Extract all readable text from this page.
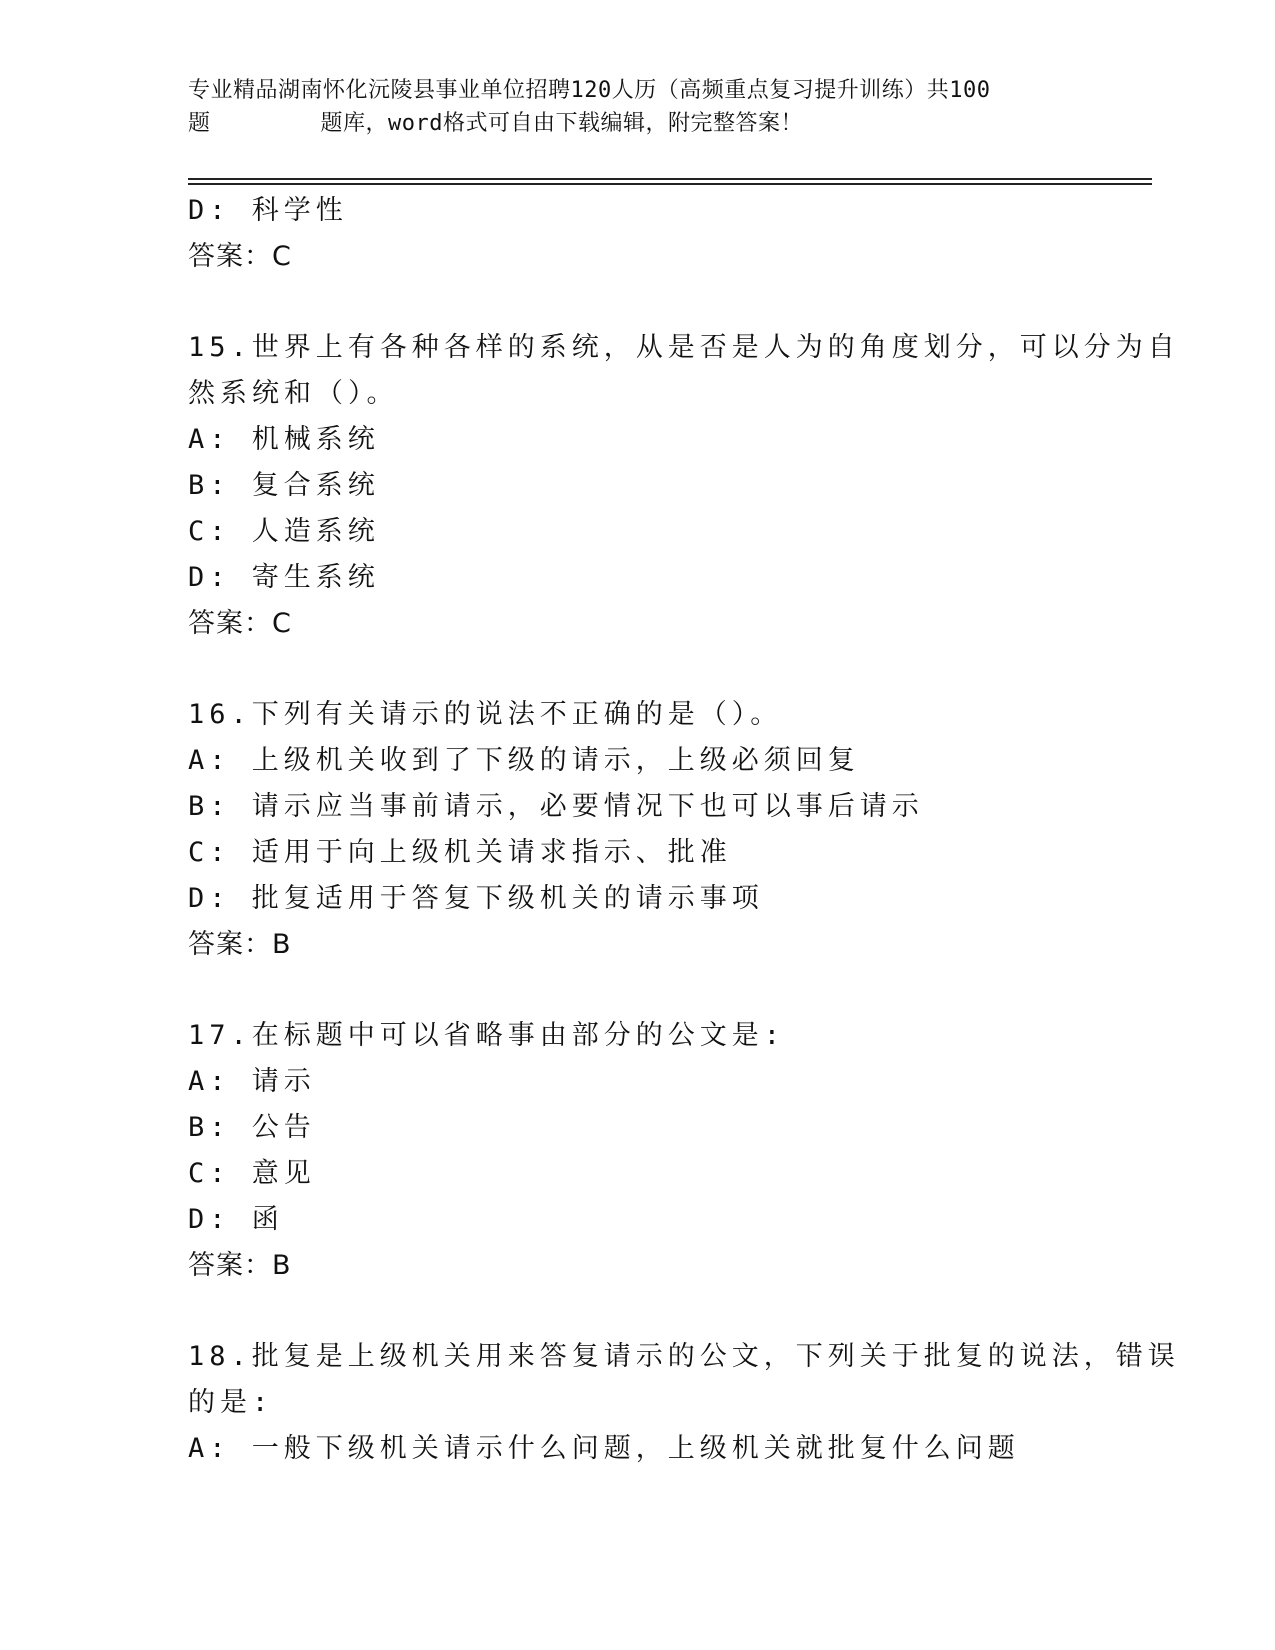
专业精品湖南怀化沅陵县事业单位招聘120人历（高频重点复习提升训练）共100
题        题库，word格式可自由下载编辑，附完整答案！
D: 科学性
答案：C
15.世界上有各种各样的系统，从是否是人为的角度划分，可以分为自
然系统和（）。
A: 机械系统
B: 复合系统
C: 人造系统
D: 寄生系统
答案：C
16.下列有关请示的说法不正确的是（）。
A: 上级机关收到了下级的请示，上级必须回复
B: 请示应当事前请示，必要情况下也可以事后请示
C: 适用于向上级机关请求指示、批准
D: 批复适用于答复下级机关的请示事项
答案：B
17.在标题中可以省略事由部分的公文是:
A: 请示
B: 公告
C: 意见
D: 函
答案：B
18.批复是上级机关用来答复请示的公文，下列关于批复的说法，错误
的是:
A: 一般下级机关请示什么问题，上级机关就批复什么问题
